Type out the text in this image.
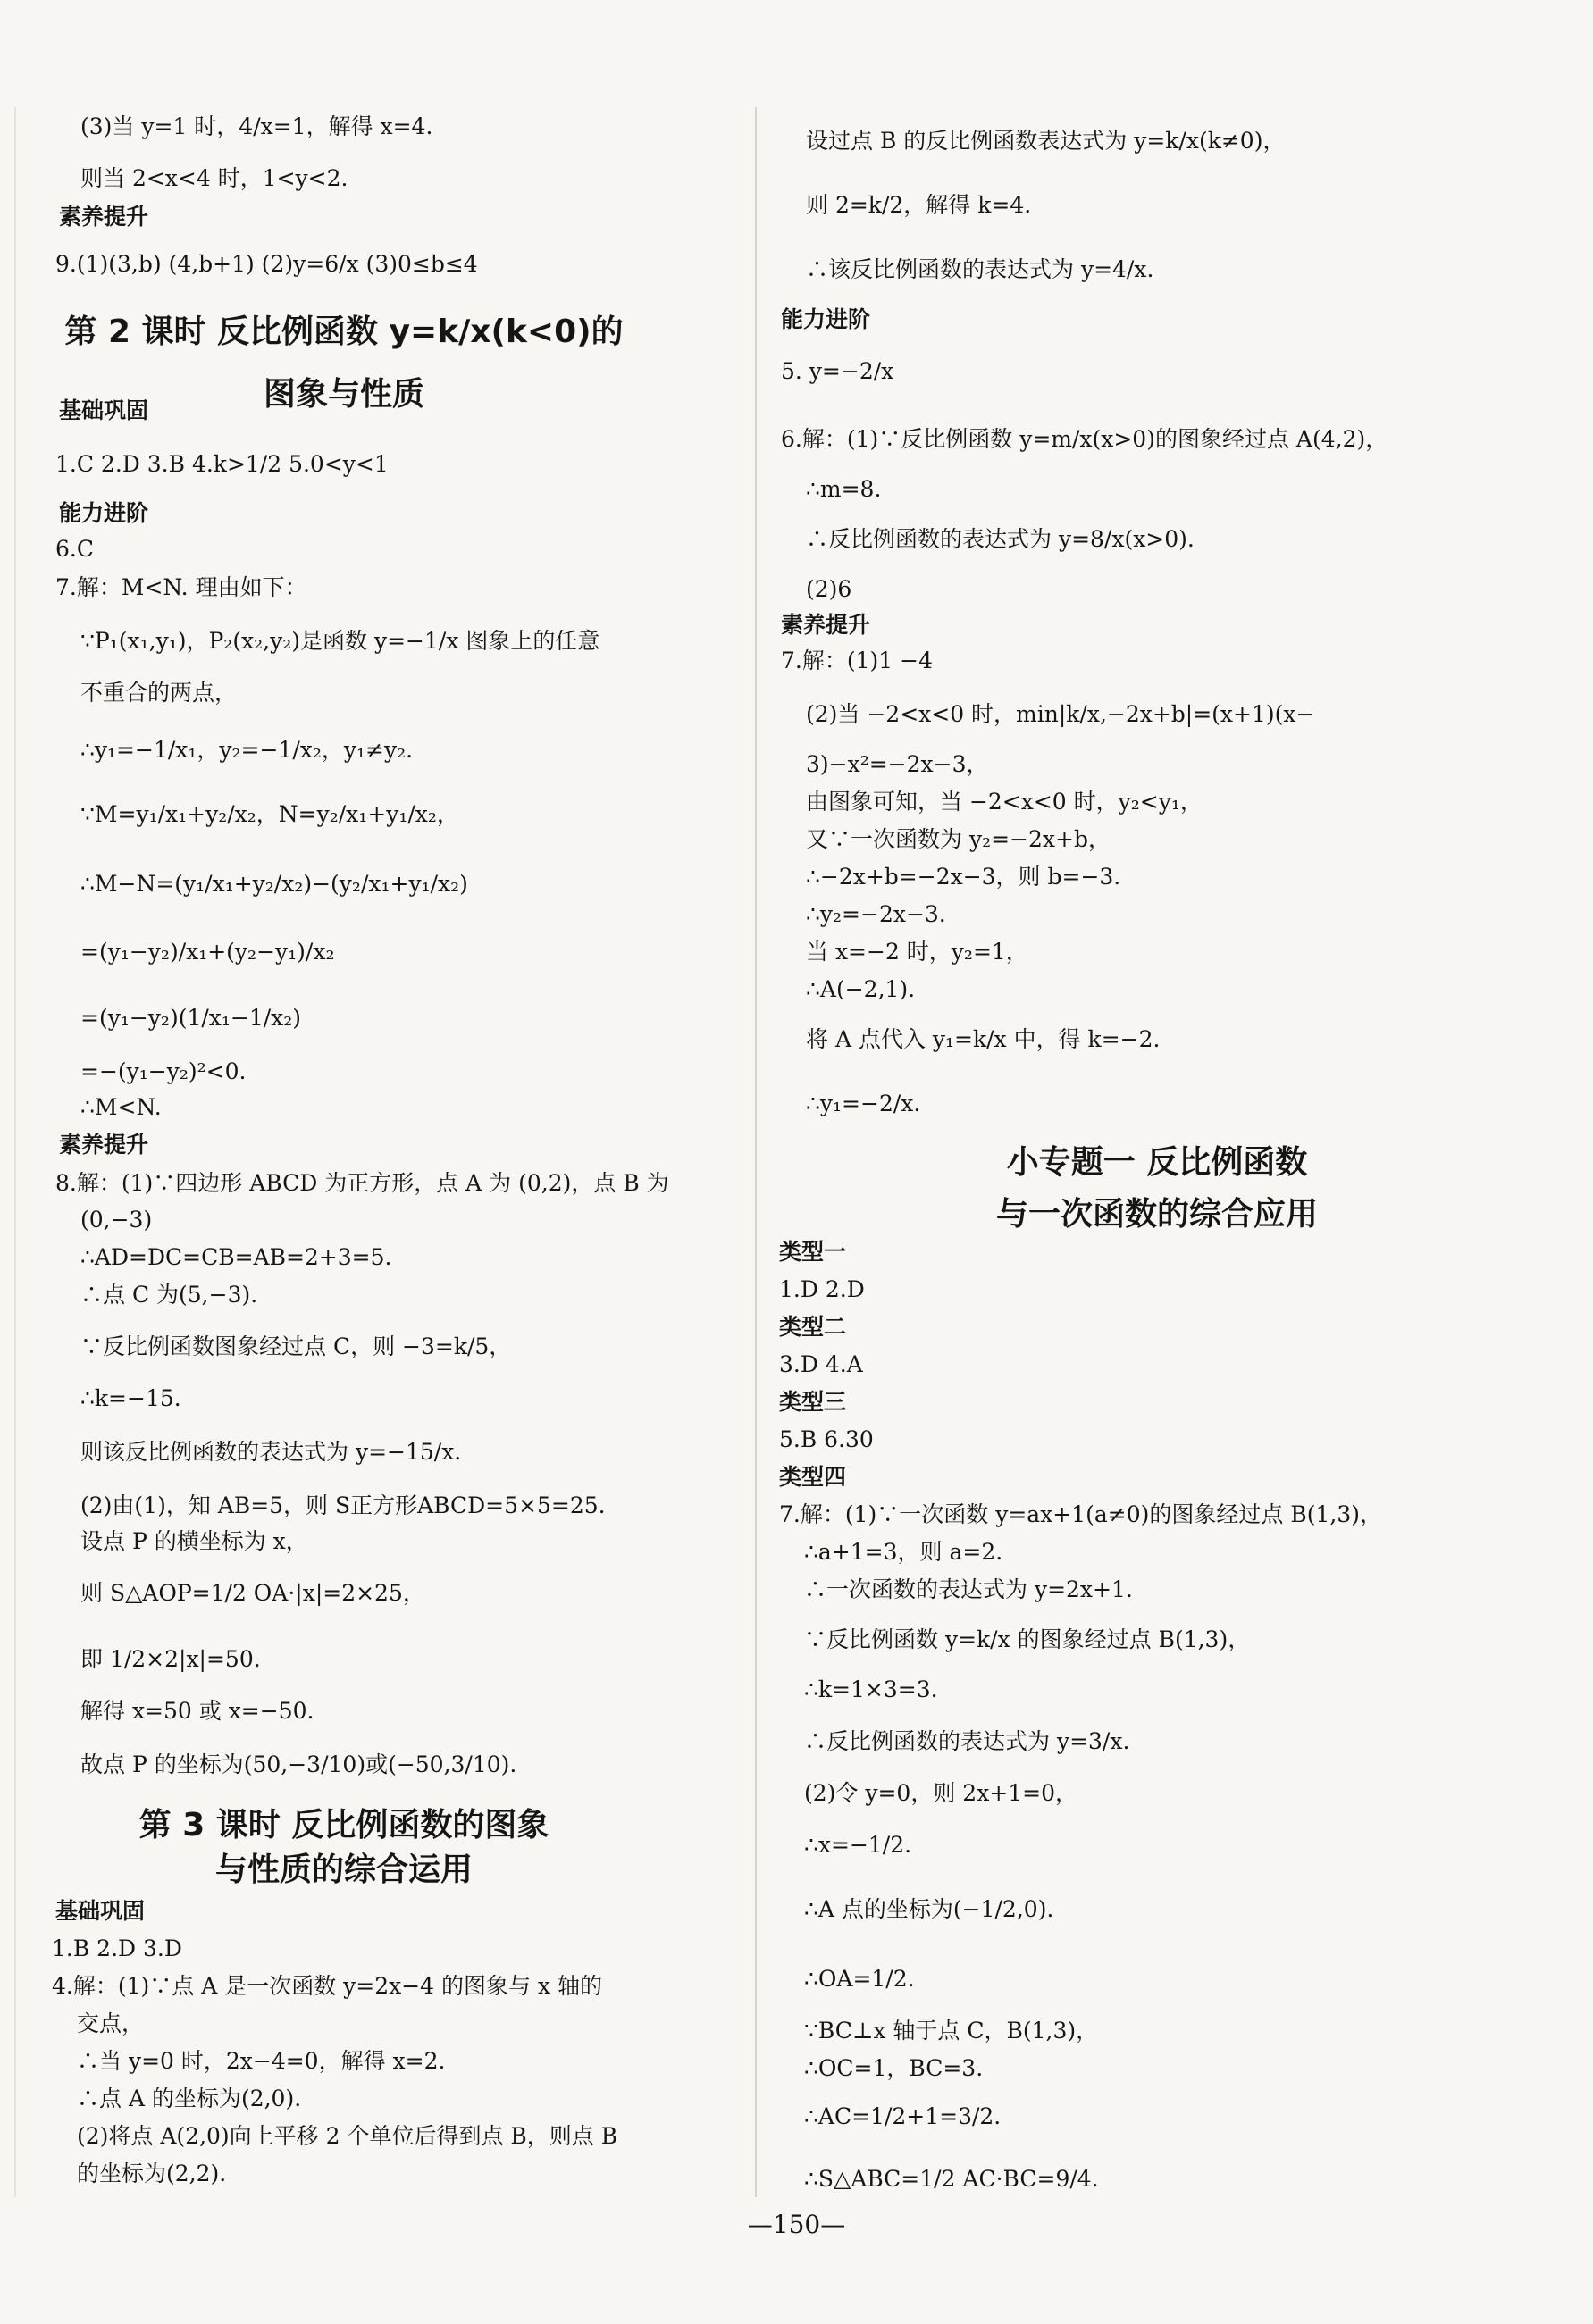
(3)当 y=1 时，4/x=1，解得 x=4.
则当 2<x<4 时，1<y<2.
素养提升
9.(1)(3,b) (4,b+1) (2)y=6/x (3)0≤b≤4
第 2 课时 反比例函数 y=k/x(k<0)的
图象与性质
基础巩固
1.C 2.D 3.B 4.k>1/2 5.0<y<1
能力进阶
6.C
7.解：M<N. 理由如下：
∵P₁(x₁,y₁)，P₂(x₂,y₂)是函数 y=−1/x 图象上的任意
不重合的两点，
∴y₁=−1/x₁，y₂=−1/x₂，y₁≠y₂.
∵M=y₁/x₁+y₂/x₂，N=y₂/x₁+y₁/x₂，
∴M−N=(y₁/x₁+y₂/x₂)−(y₂/x₁+y₁/x₂)
=(y₁−y₂)/x₁+(y₂−y₁)/x₂
=(y₁−y₂)(1/x₁−1/x₂)
=−(y₁−y₂)²<0.
∴M<N.
素养提升
8.解：(1)∵四边形 ABCD 为正方形，点 A 为 (0,2)，点 B 为
(0,−3)
∴AD=DC=CB=AB=2+3=5.
∴点 C 为(5,−3).
∵反比例函数图象经过点 C，则 −3=k/5，
∴k=−15.
则该反比例函数的表达式为 y=−15/x.
(2)由(1)，知 AB=5，则 S正方形ABCD=5×5=25.
设点 P 的横坐标为 x，
则 S△AOP=1/2 OA·|x|=2×25，
即 1/2×2|x|=50.
解得 x=50 或 x=−50.
故点 P 的坐标为(50,−3/10)或(−50,3/10).
第 3 课时 反比例函数的图象
与性质的综合运用
基础巩固
1.B 2.D 3.D
4.解：(1)∵点 A 是一次函数 y=2x−4 的图象与 x 轴的
交点，
∴当 y=0 时，2x−4=0，解得 x=2.
∴点 A 的坐标为(2,0).
(2)将点 A(2,0)向上平移 2 个单位后得到点 B，则点 B
的坐标为(2,2).
设过点 B 的反比例函数表达式为 y=k/x(k≠0)，
则 2=k/2，解得 k=4.
∴该反比例函数的表达式为 y=4/x.
能力进阶
5. y=−2/x
6.解：(1)∵反比例函数 y=m/x(x>0)的图象经过点 A(4,2)，
∴m=8.
∴反比例函数的表达式为 y=8/x(x>0).
(2)6
素养提升
7.解：(1)1 −4
(2)当 −2<x<0 时，min|k/x,−2x+b|=(x+1)(x−
3)−x²=−2x−3，
由图象可知，当 −2<x<0 时，y₂<y₁，
又∵一次函数为 y₂=−2x+b，
∴−2x+b=−2x−3，则 b=−3.
∴y₂=−2x−3.
当 x=−2 时，y₂=1，
∴A(−2,1).
将 A 点代入 y₁=k/x 中，得 k=−2.
∴y₁=−2/x.
小专题一 反比例函数
与一次函数的综合应用
类型一
1.D 2.D
类型二
3.D 4.A
类型三
5.B 6.30
类型四
7.解：(1)∵一次函数 y=ax+1(a≠0)的图象经过点 B(1,3)，
∴a+1=3，则 a=2.
∴一次函数的表达式为 y=2x+1.
∵反比例函数 y=k/x 的图象经过点 B(1,3)，
∴k=1×3=3.
∴反比例函数的表达式为 y=3/x.
(2)令 y=0，则 2x+1=0，
∴x=−1/2.
∴A 点的坐标为(−1/2,0).
∴OA=1/2.
∵BC⊥x 轴于点 C，B(1,3)，
∴OC=1，BC=3.
∴AC=1/2+1=3/2.
∴S△ABC=1/2 AC·BC=9/4.
—150—
